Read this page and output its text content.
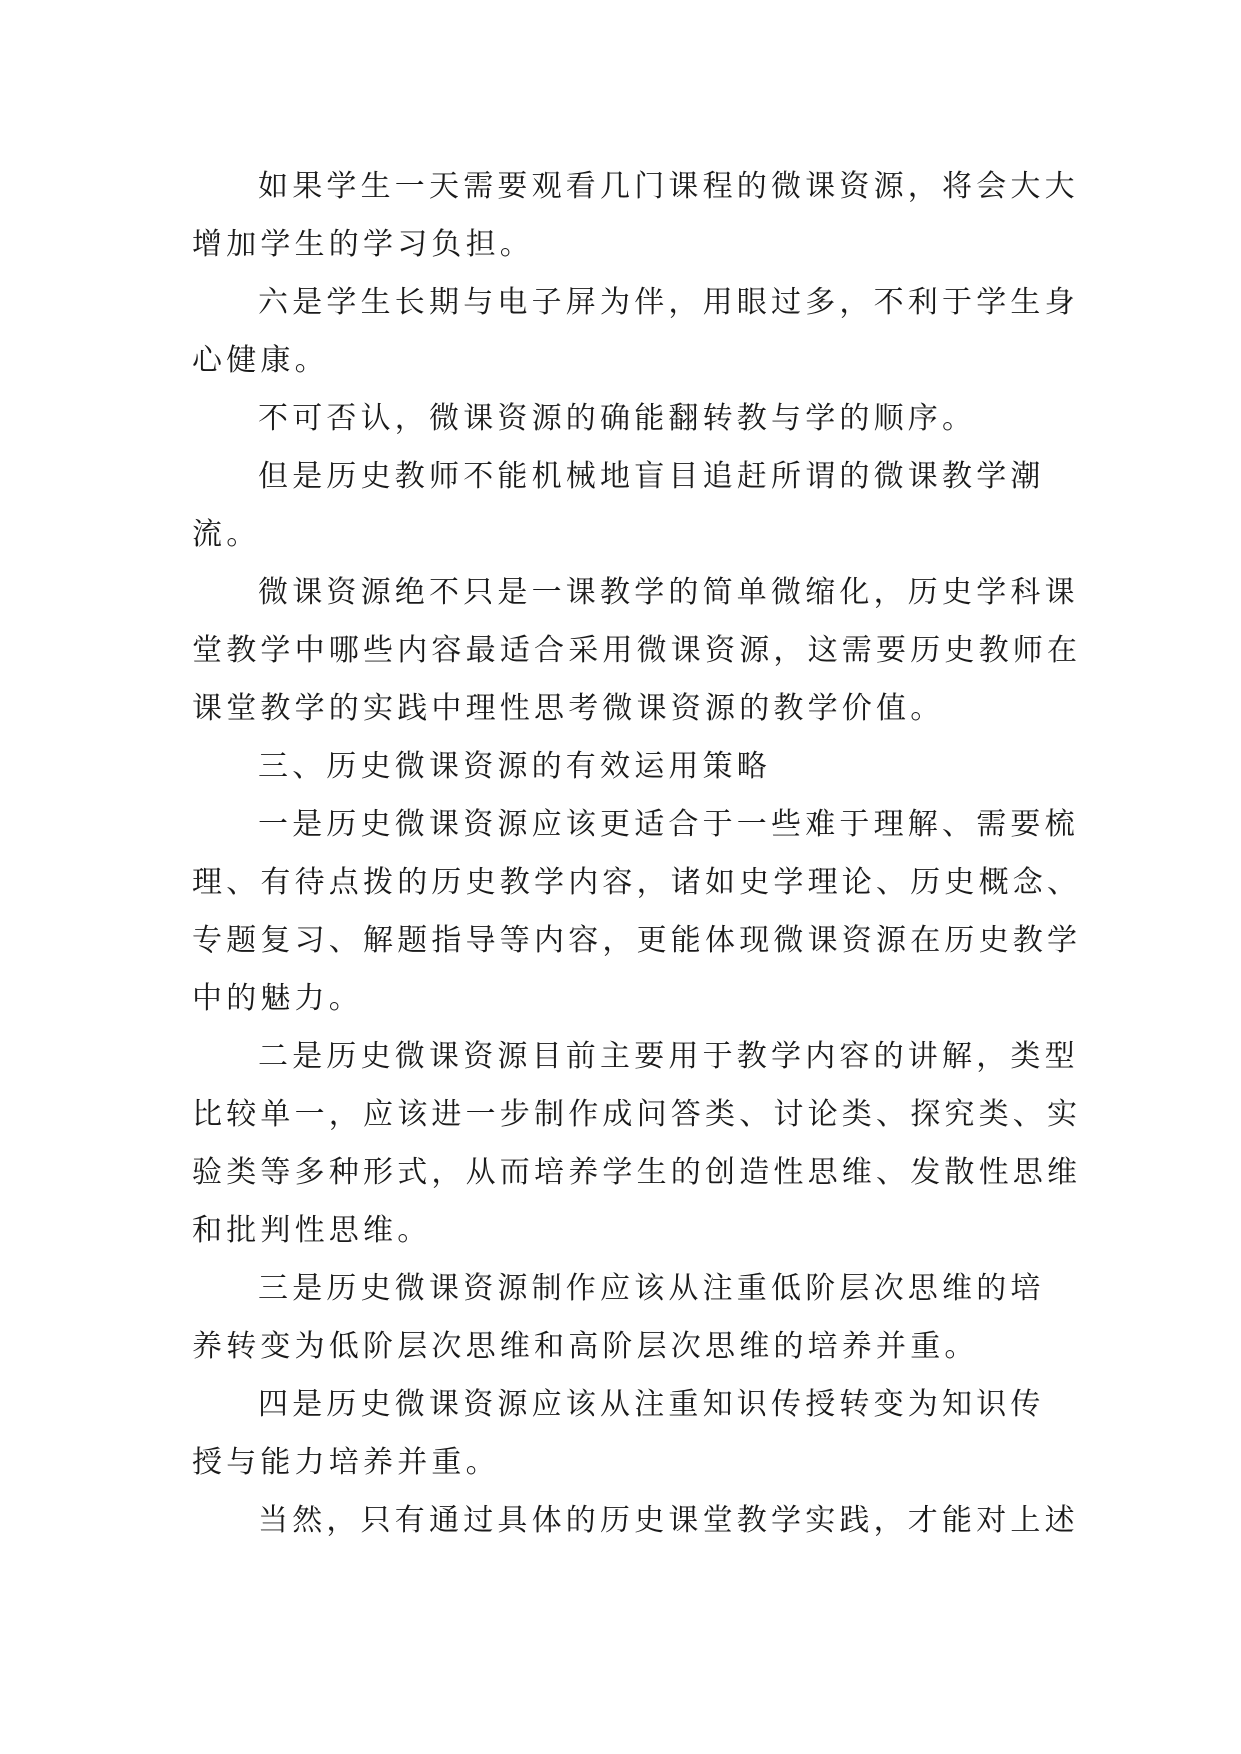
如果学生一天需要观看几门课程的微课资源，将会大大
增加学生的学习负担。
六是学生长期与电子屏为伴，用眼过多，不利于学生身
心健康。
不可否认，微课资源的确能翻转教与学的顺序。
但是历史教师不能机械地盲目追赶所谓的微课教学潮
流。
微课资源绝不只是一课教学的简单微缩化，历史学科课
堂教学中哪些内容最适合采用微课资源，这需要历史教师在
课堂教学的实践中理性思考微课资源的教学价值。
三、历史微课资源的有效运用策略
一是历史微课资源应该更适合于一些难于理解、需要梳
理、有待点拨的历史教学内容，诸如史学理论、历史概念、
专题复习、解题指导等内容，更能体现微课资源在历史教学
中的魅力。
二是历史微课资源目前主要用于教学内容的讲解，类型
比较单一，应该进一步制作成问答类、讨论类、探究类、实
验类等多种形式，从而培养学生的创造性思维、发散性思维
和批判性思维。
三是历史微课资源制作应该从注重低阶层次思维的培
养转变为低阶层次思维和高阶层次思维的培养并重。
四是历史微课资源应该从注重知识传授转变为知识传
授与能力培养并重。
当然，只有通过具体的历史课堂教学实践，才能对上述
